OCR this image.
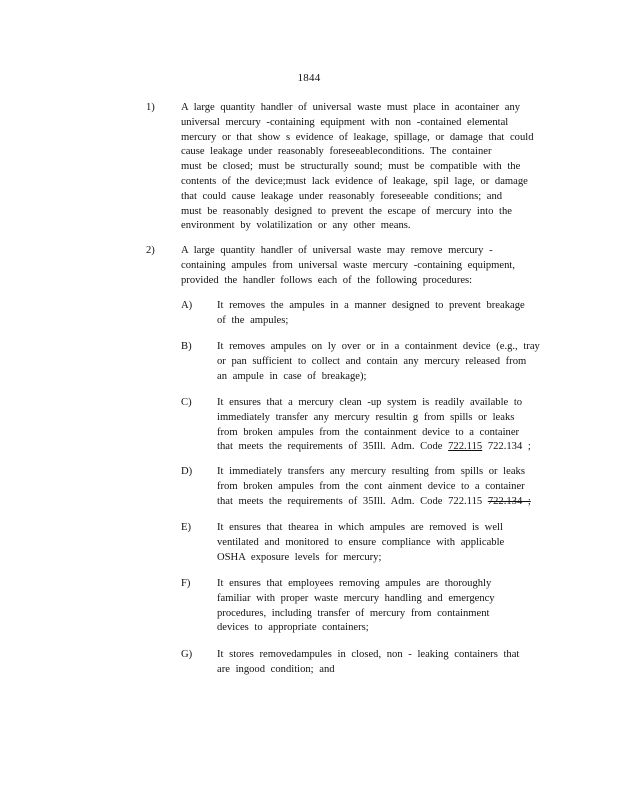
1844
1) A large quantity handler of universal waste must place in acontainer any
universal mercury -containing equipment with non -contained elemental
mercury or that show s evidence of leakage, spillage, or damage that could
cause leakage under reasonably foreseeableconditions. The container
must be closed; must be structurally sound; must be compatible with the
contents of the device;must lack evidence of leakage, spil lage, or damage
that could cause leakage under reasonably foreseeable conditions; and
must be reasonably designed to prevent the escape of mercury into the
environment by volatilization or any other means.
2) A large quantity handler of universal waste may remove mercury -
containing ampules from universal waste mercury -containing equipment,
provided the handler follows each of the following procedures:
A) It removes the ampules in a manner designed to prevent breakage
of the ampules;
B) It removes ampules on ly over or in a containment device (e.g., tray
or pan sufficient to collect and contain any mercury released from
an ampule in case of breakage);
C) It ensures that a mercury clean -up system is readily available to
immediately transfer any mercury resultin g from spills or leaks
from broken ampules from the containment device to a container
that meets the requirements of 35Ill. Adm. Code 722.115 722.134 ;
D) It immediately transfers any mercury resulting from spills or leaks
from broken ampules from the cont ainment device to a container
that meets the requirements of 35Ill. Adm. Code 722.115 722.134 ;
E) It ensures that thearea in which ampules are removed is well
ventilated and monitored to ensure compliance with applicable
OSHA exposure levels for mercury;
F)	It ensures that employees removing ampules are thoroughly
familiar with proper waste mercury handling and emergency
procedures, including transfer of mercury from containment
devices to appropriate containers;
G) It stores removedampules in closed, non - leaking containers that
are ingood condition; and
